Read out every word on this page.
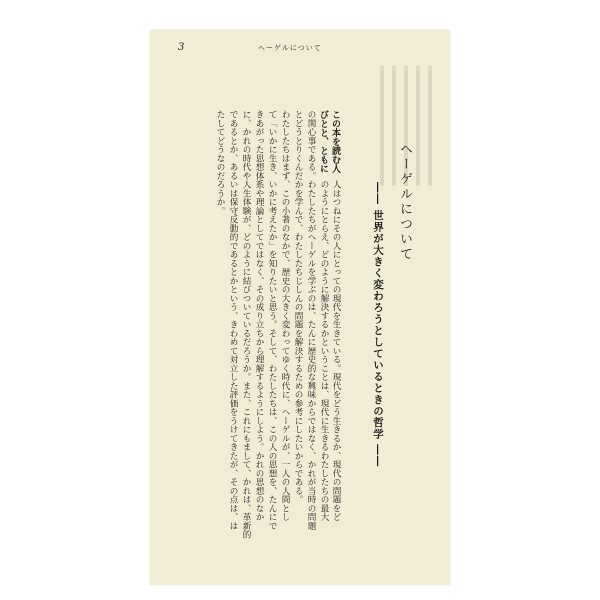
3	ヘーゲルについて
ヘーゲルについて
―― 世界が大きく変わろうとしているときの哲学 ――
この本を読む人
びとと、ともに
人はつねにその人にとっての現代を生きている。現代をどう生きるか、現代の問題をど
のようにとらえ、どのように解決するかということは、現代に生きるわたしたちの最大
の関心事である。わたしたちがヘーゲルを学ぶのは、たんに歴史的な興味からではなく、かれが当時の問題
とどうとりくんだかを学んで、わたしたちじしんの問題を解決するための参考にしたいからである。
わたしたちはまず、この小著のなかで、歴史の大きく変わってゆく時代に、ヘーゲルが、一人の人間とし
て「いかに生き、いかに考えたか」を知りたいと思う。そして、わたしたちは、この人の思想を、たんにで
きあがった思想体系や理論としてではなく、その成り立ちから理解するようにしよう。かれの思想のなか
に、かれの時代や人生体験が、どのように結びついているだろうか。また、これにもまして、かれは、革新的
であるとか、あるいは保守反動的であるとかという、きわめて対立した評価をうけてきたが、その点は、は
たしてどうなのだろうか。
